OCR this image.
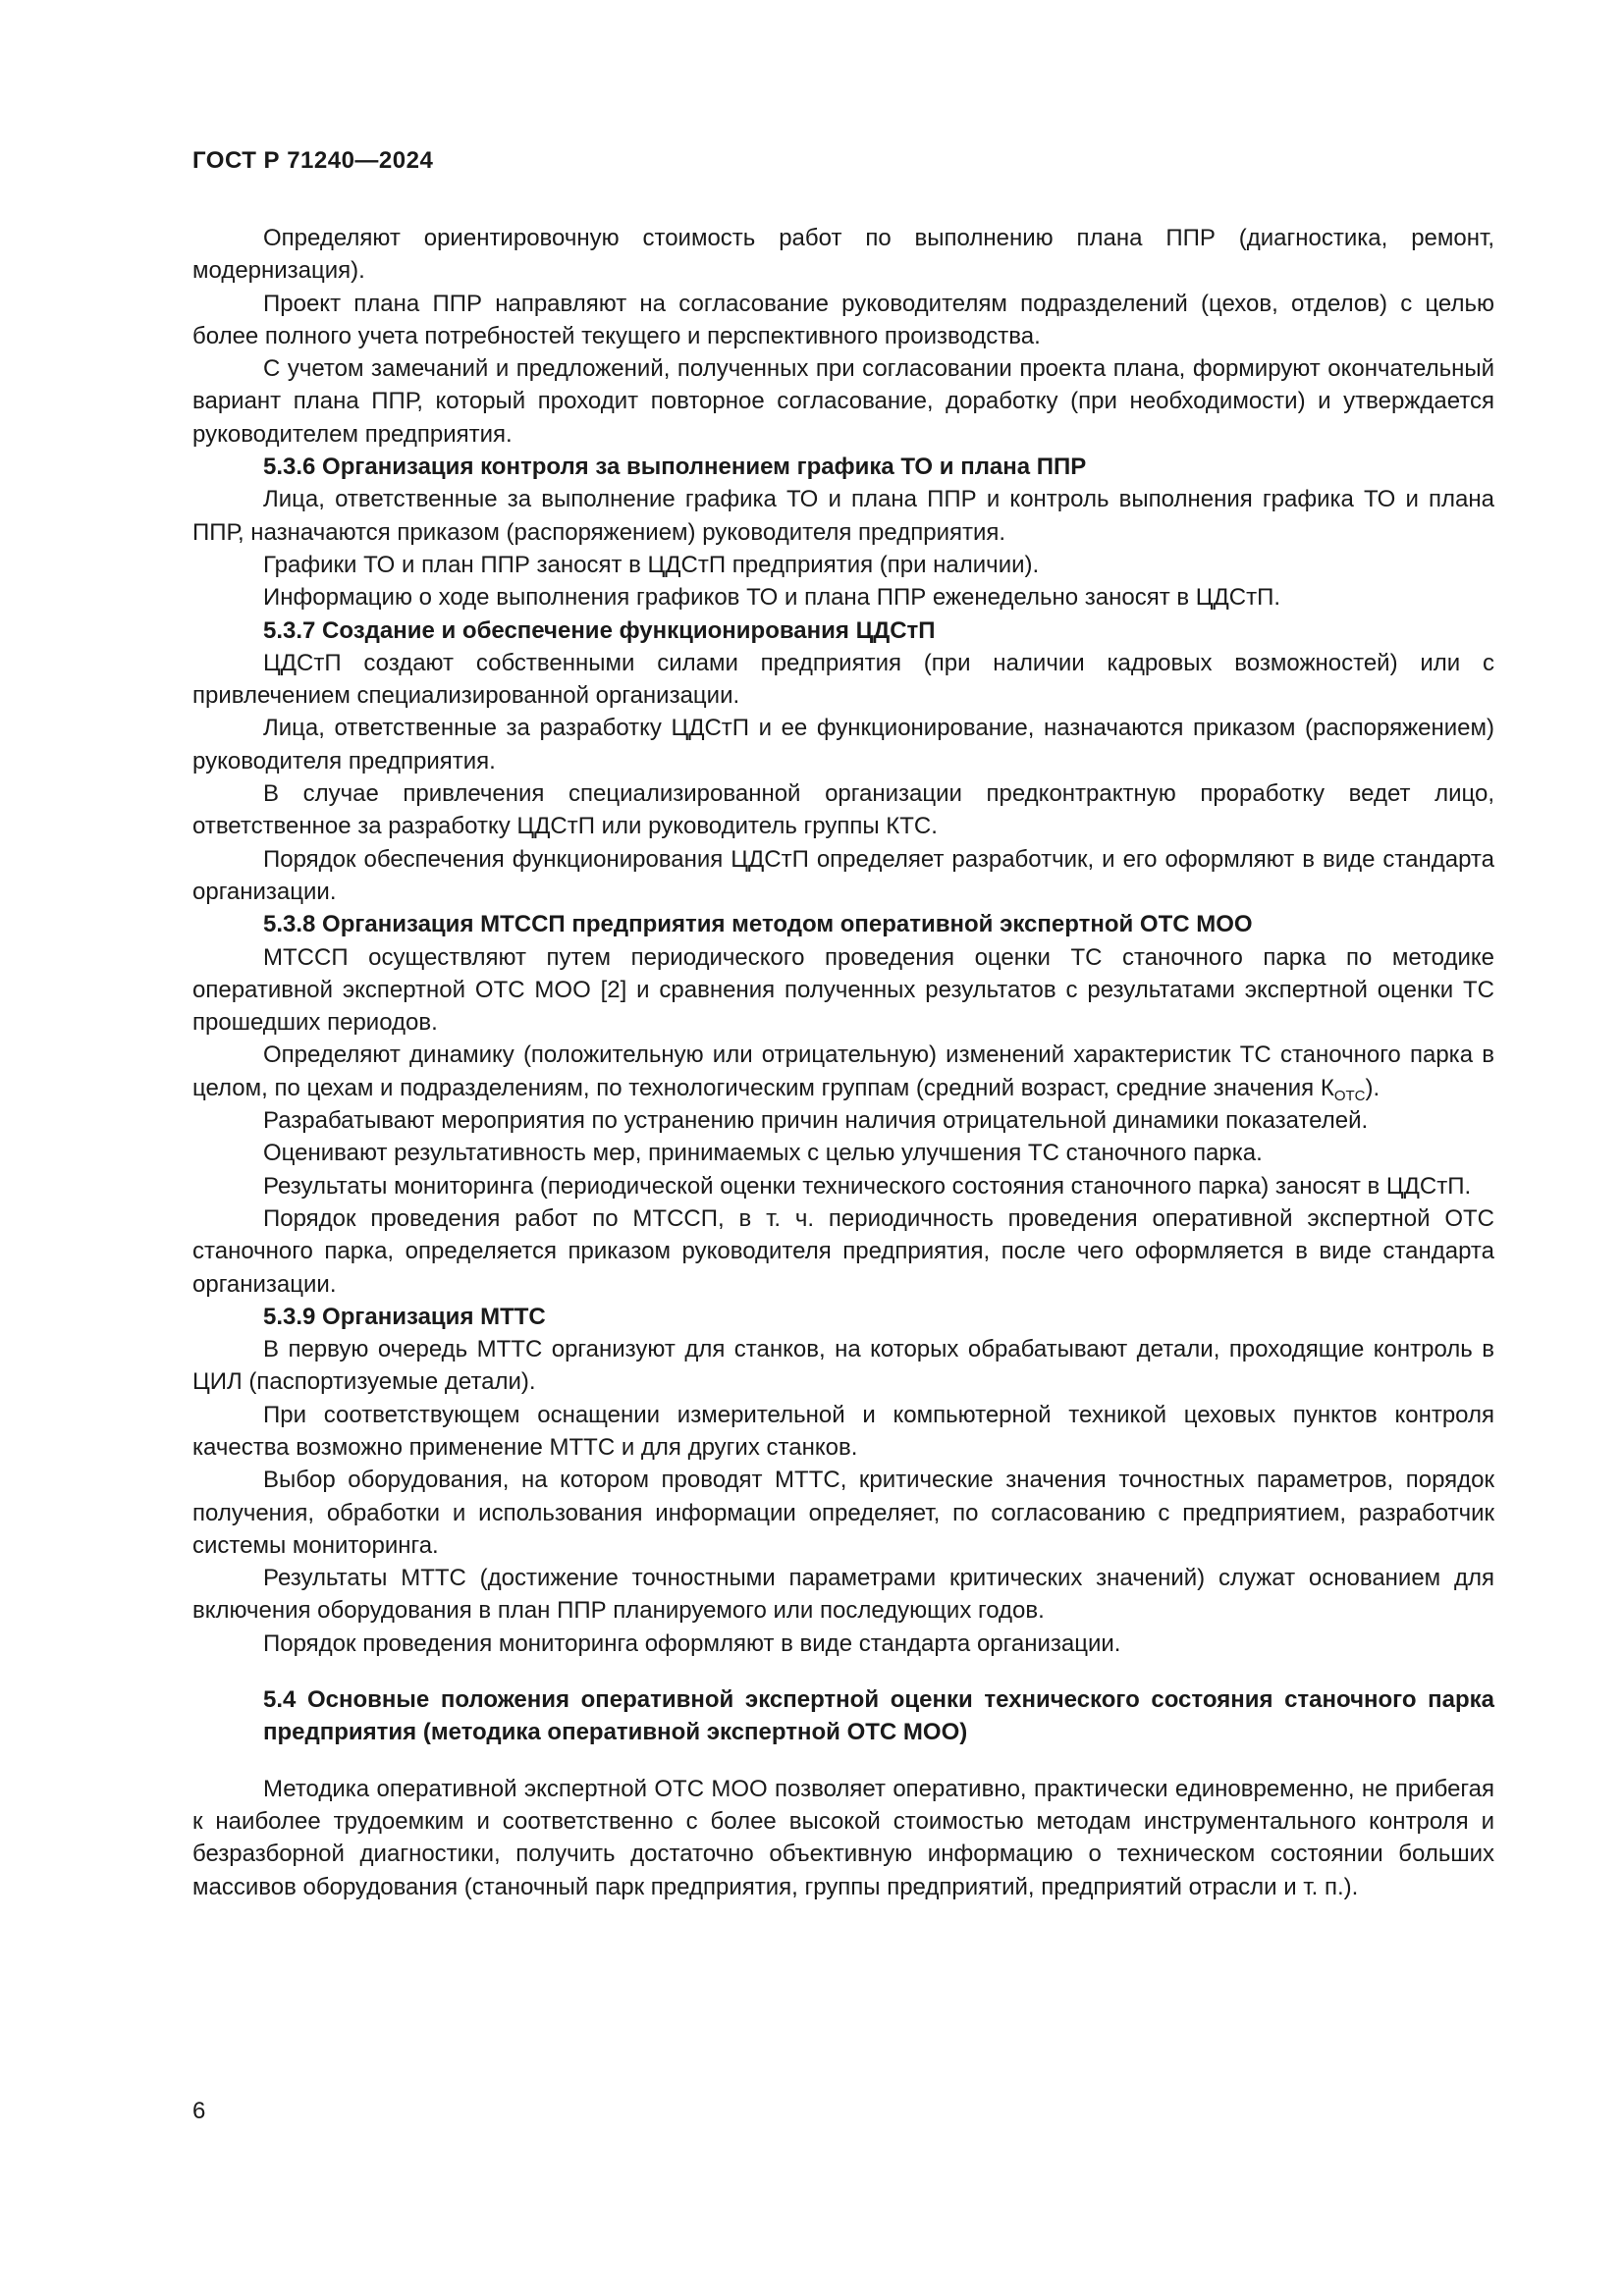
ГОСТ Р 71240—2024

Определяют ориентировочную стоимость работ по выполнению плана ППР (диагностика, ремонт, модернизация).

Проект плана ППР направляют на согласование руководителям подразделений (цехов, отделов) с целью более полного учета потребностей текущего и перспективного производства.

С учетом замечаний и предложений, полученных при согласовании проекта плана, формируют окончательный вариант плана ППР, который проходит повторное согласование, доработку (при необходимости) и утверждается руководителем предприятия.

5.3.6 Организация контроля за выполнением графика ТО и плана ППР

Лица, ответственные за выполнение графика ТО и плана ППР и контроль выполнения графика ТО и плана ППР, назначаются приказом (распоряжением) руководителя предприятия.

Графики ТО и план ППР заносят в ЦДСтП предприятия (при наличии).

Информацию о ходе выполнения графиков ТО и плана ППР еженедельно заносят в ЦДСтП.

5.3.7 Создание и обеспечение функционирования ЦДСтП

ЦДСтП создают собственными силами предприятия (при наличии кадровых возможностей) или с привлечением специализированной организации.

Лица, ответственные за разработку ЦДСтП и ее функционирование, назначаются приказом (распоряжением) руководителя предприятия.

В случае привлечения специализированной организации предконтрактную проработку ведет лицо, ответственное за разработку ЦДСтП или руководитель группы КТС.

Порядок обеспечения функционирования ЦДСтП определяет разработчик, и его оформляют в виде стандарта организации.

5.3.8 Организация МТССП предприятия методом оперативной экспертной ОТС МОО

МТССП осуществляют путем периодического проведения оценки ТС станочного парка по методике оперативной экспертной ОТС МОО [2] и сравнения полученных результатов с результатами экспертной оценки ТС прошедших периодов.

Определяют динамику (положительную или отрицательную) изменений характеристик ТС станочного парка в целом, по цехам и подразделениям, по технологическим группам (средний возраст, средние значения $К_{ОТС}$).

Разрабатывают мероприятия по устранению причин наличия отрицательной динамики показателей.

Оценивают результативность мер, принимаемых с целью улучшения ТС станочного парка.

Результаты мониторинга (периодической оценки технического состояния станочного парка) заносят в ЦДСтП.

Порядок проведения работ по МТССП, в т. ч. периодичность проведения оперативной экспертной ОТС станочного парка, определяется приказом руководителя предприятия, после чего оформляется в виде стандарта организации.

5.3.9 Организация МТТС

В первую очередь МТТС организуют для станков, на которых обрабатывают детали, проходящие контроль в ЦИЛ (паспортизуемые детали).

При соответствующем оснащении измерительной и компьютерной техникой цеховых пунктов контроля качества возможно применение МТТС и для других станков.

Выбор оборудования, на котором проводят МТТС, критические значения точностных параметров, порядок получения, обработки и использования информации определяет, по согласованию с предприятием, разработчик системы мониторинга.

Результаты МТТС (достижение точностными параметрами критических значений) служат основанием для включения оборудования в план ППР планируемого или последующих годов.

Порядок проведения мониторинга оформляют в виде стандарта организации.

5.4 Основные положения оперативной экспертной оценки технического состояния станочного парка предприятия (методика оперативной экспертной ОТС МОО)

Методика оперативной экспертной ОТС МОО позволяет оперативно, практически единовременно, не прибегая к наиболее трудоемким и соответственно с более высокой стоимостью методам инструментального контроля и безразборной диагностики, получить достаточно объективную информацию о техническом состоянии больших массивов оборудования (станочный парк предприятия, группы предприятий, предприятий отрасли и т. п.).

6
